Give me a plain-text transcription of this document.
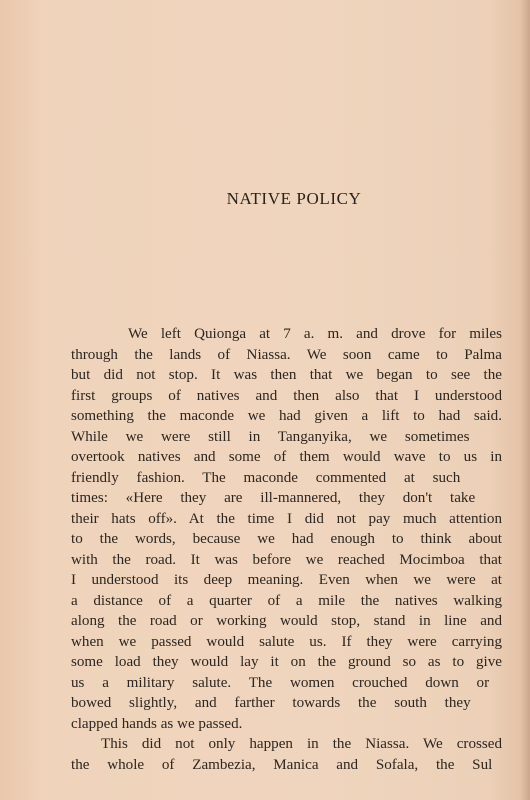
NATIVE POLICY
We left Quionga at 7 a. m. and drove for miles
through the lands of Niassa. We soon came to Palma
but did not stop. It was then that we began to see the
first groups of natives and then also that I understood
something the maconde we had given a lift to had said.
While we were still in Tanganyika, we sometimes
overtook natives and some of them would wave to us in
friendly fashion. The maconde commented at such
times: «Here they are ill-mannered, they don't take
their hats off». At the time I did not pay much attention
to the words, because we had enough to think about
with the road. It was before we reached Mocimboa that
I understood its deep meaning. Even when we were at
a distance of a quarter of a mile the natives walking
along the road or working would stop, stand in line and
when we passed would salute us. If they were carrying
some load they would lay it on the ground so as to give
us a military salute. The women crouched down or
bowed slightly, and farther towards the south they
clapped hands as we passed.
This did not only happen in the Niassa. We crossed
the whole of Zambezia, Manica and Sofala, the Sul
